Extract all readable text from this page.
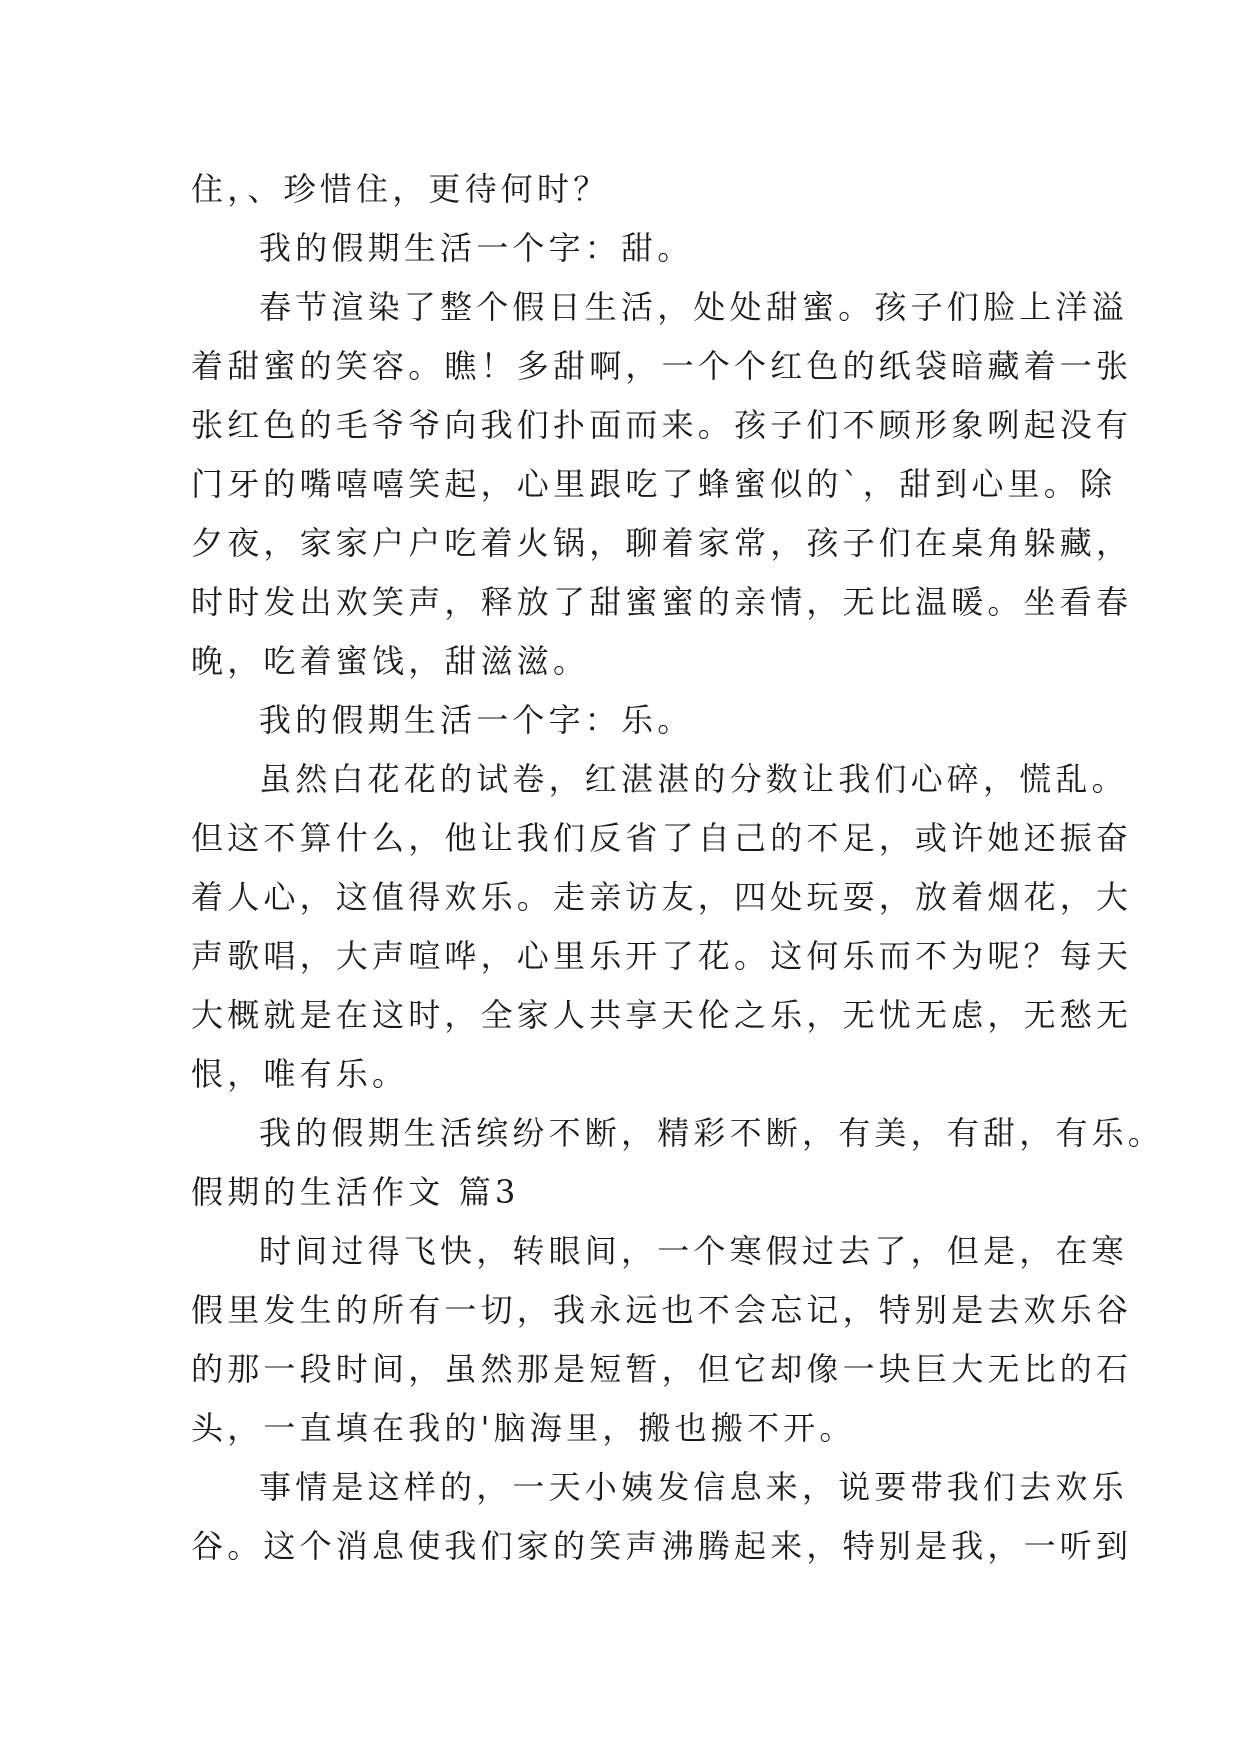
住，、珍惜住，更待何时？
我的假期生活一个字：甜。
春节渲染了整个假日生活，处处甜蜜。孩子们脸上洋溢
着甜蜜的笑容。瞧！多甜啊，一个个红色的纸袋暗藏着一张
张红色的毛爷爷向我们扑面而来。孩子们不顾形象咧起没有
门牙的嘴嘻嘻笑起，心里跟吃了蜂蜜似的`，甜到心里。除
夕夜，家家户户吃着火锅，聊着家常，孩子们在桌角躲藏，
时时发出欢笑声，释放了甜蜜蜜的亲情，无比温暖。坐看春
晚，吃着蜜饯，甜滋滋。
我的假期生活一个字：乐。
虽然白花花的试卷，红湛湛的分数让我们心碎，慌乱。
但这不算什么，他让我们反省了自己的不足，或许她还振奋
着人心，这值得欢乐。走亲访友，四处玩耍，放着烟花，大
声歌唱，大声喧哗，心里乐开了花。这何乐而不为呢？每天
大概就是在这时，全家人共享天伦之乐，无忧无虑，无愁无
恨，唯有乐。
我的假期生活缤纷不断，精彩不断，有美，有甜，有乐。
假期的生活作文 篇3
时间过得飞快，转眼间，一个寒假过去了，但是，在寒
假里发生的所有一切，我永远也不会忘记，特别是去欢乐谷
的那一段时间，虽然那是短暂，但它却像一块巨大无比的石
头，一直填在我的'脑海里，搬也搬不开。
事情是这样的，一天小姨发信息来，说要带我们去欢乐
谷。这个消息使我们家的笑声沸腾起来，特别是我，一听到
